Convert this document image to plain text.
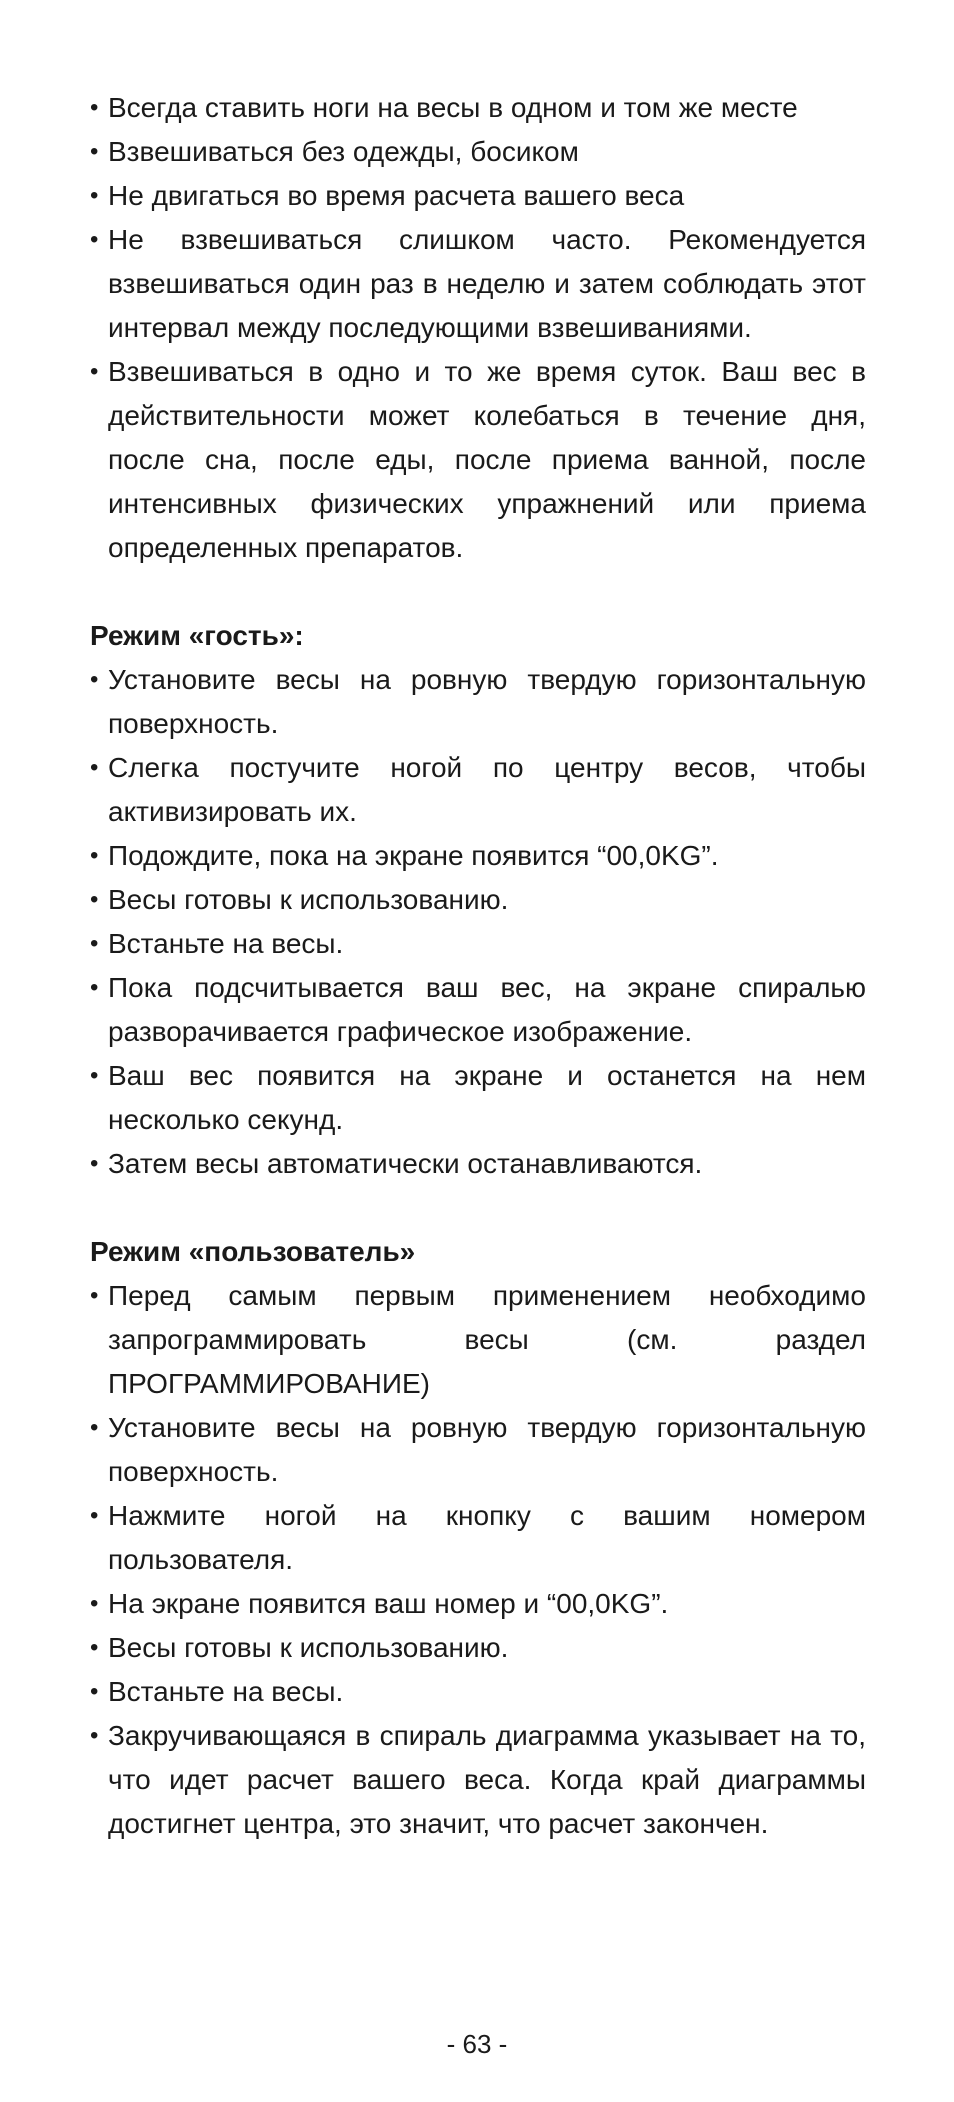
• Всегда ставить ноги на весы в одном и том же месте
• Взвешиваться без одежды, босиком
• Не двигаться во время расчета вашего веса
• Не взвешиваться слишком часто. Рекомендуется взвешиваться один раз в неделю и затем соблюдать этот интервал между последующими взвешиваниями.
• Взвешиваться в одно и то же время суток. Ваш вес в действительности может колебаться в течение дня, после сна, после еды, после приема ванной, после интенсивных физических упражнений или приема определенных препаратов.
Режим «гость»:
• Установите весы на ровную твердую горизонтальную поверхность.
• Слегка постучите ногой по центру весов, чтобы активизировать их.
• Подождите, пока на экране появится “00,0KG”.
• Весы готовы к использованию.
• Встаньте на весы.
• Пока подсчитывается ваш вес, на экране спиралью разворачивается графическое изображение.
• Ваш вес появится на экране и останется на нем несколько секунд.
• Затем весы автоматически останавливаются.
Режим «пользователь»
• Перед самым первым применением необходимо запрограммировать весы (см. раздел ПРОГРАММИРОВАНИЕ)
• Установите весы на ровную твердую горизонтальную поверхность.
• Нажмите ногой на кнопку с вашим номером пользователя.
• На экране появится ваш номер и “00,0KG”.
• Весы готовы к использованию.
• Встаньте на весы.
• Закручивающаяся в спираль диаграмма указывает на то, что идет расчет вашего веса. Когда край диаграммы достигнет центра, это значит, что расчет закончен.
- 63 -
